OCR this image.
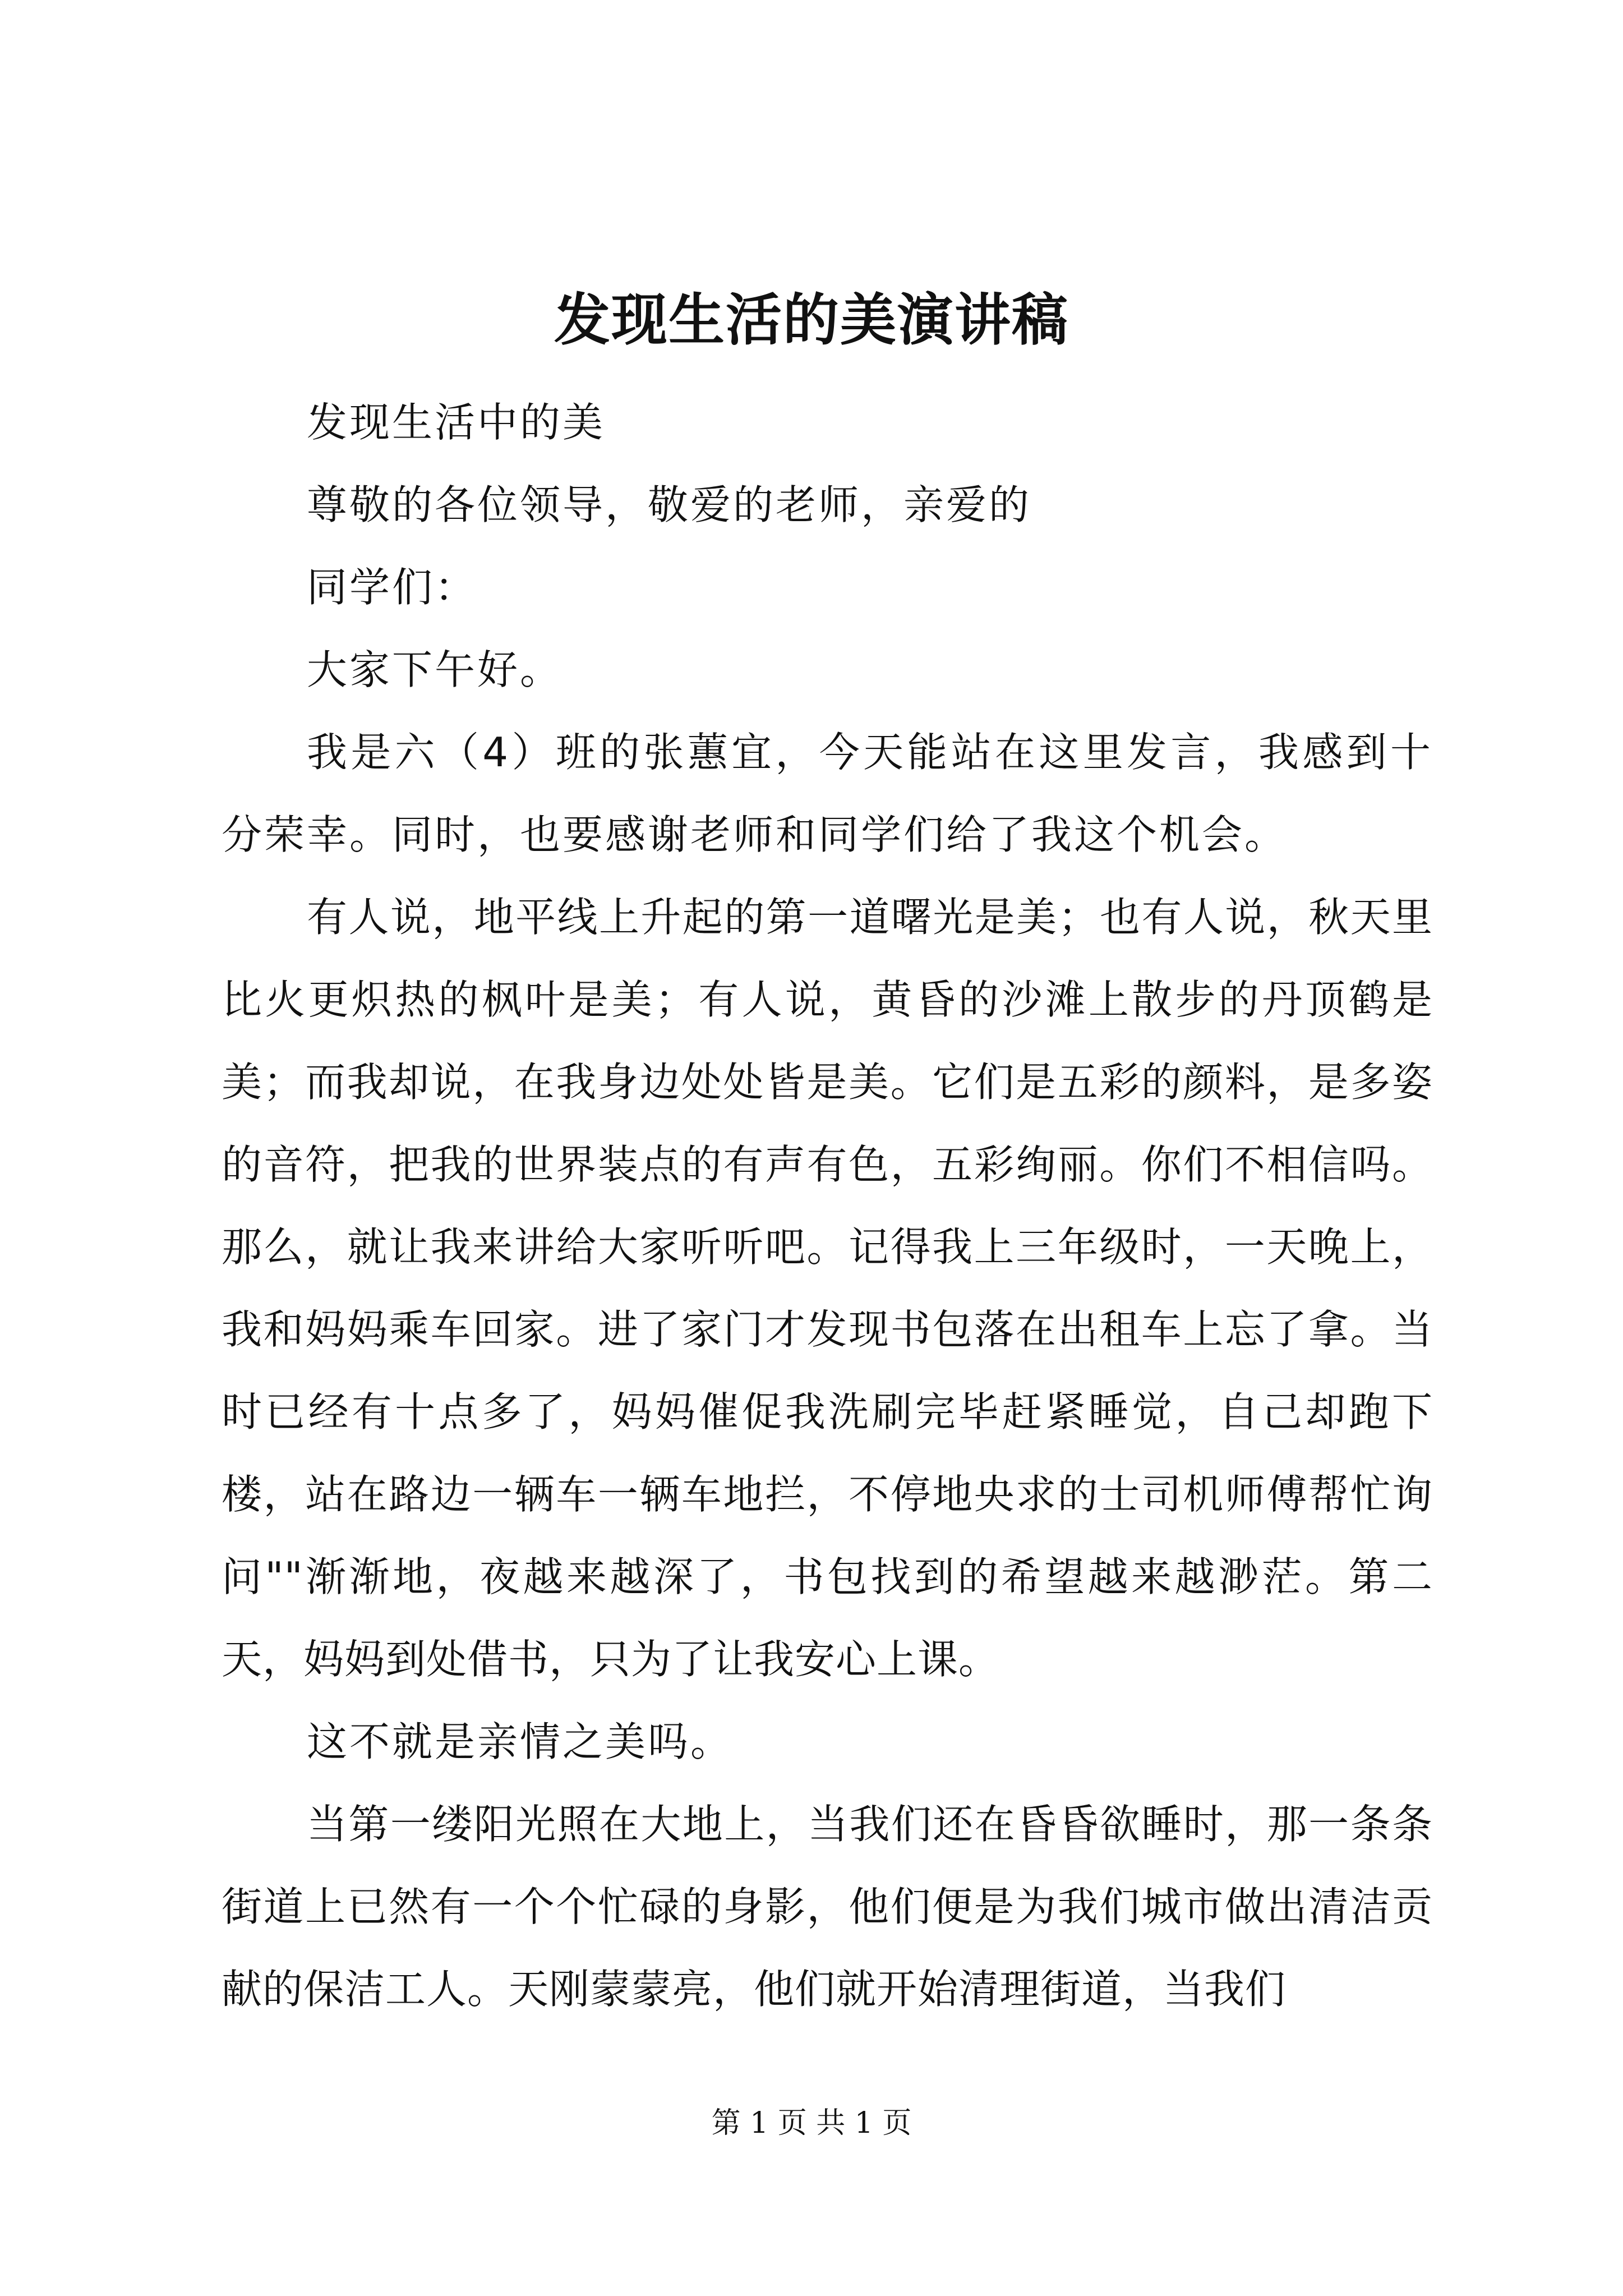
发现生活的美演讲稿

发现生活中的美

尊敬的各位领导，敬爱的老师，亲爱的

同学们：

大家下午好。

我是六（4）班的张蕙宜，今天能站在这里发言，我感到十分荣幸。同时，也要感谢老师和同学们给了我这个机会。

有人说，地平线上升起的第一道曙光是美；也有人说，秋天里比火更炽热的枫叶是美；有人说，黄昏的沙滩上散步的丹顶鹤是美；而我却说，在我身边处处皆是美。它们是五彩的颜料，是多姿的音符，把我的世界装点的有声有色，五彩绚丽。你们不相信吗。那么，就让我来讲给大家听听吧。记得我上三年级时，一天晚上，我和妈妈乘车回家。进了家门才发现书包落在出租车上忘了拿。当时已经有十点多了，妈妈催促我洗刷完毕赶紧睡觉，自己却跑下楼，站在路边一辆车一辆车地拦，不停地央求的士司机师傅帮忙询问""渐渐地，夜越来越深了，书包找到的希望越来越渺茫。第二天，妈妈到处借书，只为了让我安心上课。

这不就是亲情之美吗。

当第一缕阳光照在大地上，当我们还在昏昏欲睡时，那一条条街道上已然有一个个忙碌的身影，他们便是为我们城市做出清洁贡献的保洁工人。天刚蒙蒙亮，他们就开始清理街道，当我们

第 1 页 共 1 页
